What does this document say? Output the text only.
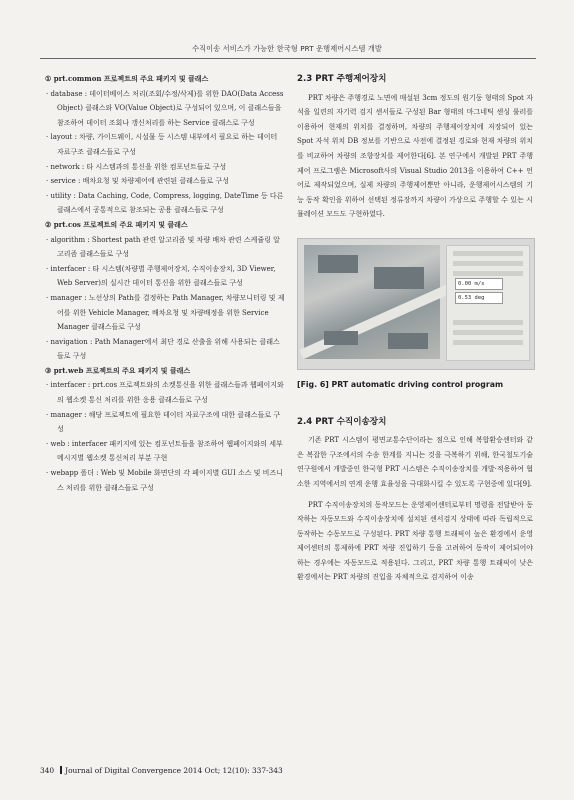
수직이송 서비스가 가능한 한국형 PRT 운행제어시스템 개발
① prt.common 프로젝트의 주요 패키지 및 클래스
· database : 데이터베이스 처리(조회/수정/삭제)를 위한 DAO(Data Access Object) 클래스와 VO(Value Object)로 구성되어 있으며, 이 클래스들을 참조하여 데이터 조회나 갱신처리를 하는 Service 클래스로 구성
· layout : 차량, 가이드웨이, 시설물 등 시스템 내부에서 필요로 하는 데이터 자료구조 클래스들로 구성
· network : 타 시스템과의 통신을 위한 컴포넌트들로 구성
· service : 배차요청 및 차량제어에 관련된 클래스들로 구성
· utility : Data Caching, Code, Compress, logging, DateTime 등 다른 클래스에서 공통적으로 참조되는 공용 클래스들로 구성
② prt.cos 프로젝트의 주요 패키지 및 클래스
· algorithm : Shortest path 관련 알고리즘 및 차량 배차 관련 스케쥴링 알고리즘 클래스들로 구성
· interfacer : 타 시스템(차량별 주행제어장치, 수직이송장치, 3D Viewer, Web Server)의 실시간 데이터 통신을 위한 클래스들로 구성
· manager : 노선상의 Path를 결정하는 Path Manager, 차량모니터링 및 제어를 위한 Vehicle Manager, 배차요청 및 차량배정을 위한 Service Manager 클래스들로 구성
· navigation : Path Manager에서 최단 경로 산출을 위해 사용되는 클래스들로 구성
③ prt.web 프로젝트의 주요 패키지 및 클래스
· interfacer : prt.cos 프로젝트와의 소켓통신을 위한 클래스들과 웹페이지와의 웹소켓 통신 처리를 위한 응용 클래스들로 구성
· manager : 해당 프로젝트에 필요한 데이터 자료구조에 대한 클래스들로 구성
· web : interfacer 패키지에 있는 컴포넌트들을 참조하여 웹페이지와의 세부 메시지별 웹소켓 통신처리 부분 구현
· webapp 폴더 : Web 및 Mobile 화면단의 각 페이지별 GUI 소스 및 비즈니스 처리를 위한 클래스들로 구성
2.3 PRT 주행제어장치

PRT 차량은 주행경로 노면에 매설된 3cm 정도의 원기둥 형태의 Spot 자석을 일련의 자기력 검지 센서들로 구성된 Bar 형태의 마그네틱 센싱 룰러를 이용하여 현재의 위치를 결정하며, 차량의 주행제어장치에 저장되어 있는 Spot 자석 위치 DB 정보를 기반으로 사전에 결정된 경로와 현재 차량의 위치를 비교하여 차량의 조향장치를 제어한다[6]. 본 연구에서 개발된 PRT 주행제어 프로그램은 Microsoft사의 Visual Studio 2013을 이용하여 C++ 언어로 제작되었으며, 실제 차량의 주행제어뿐만 아니라, 운행제어시스템의 기능 동작 확인을 위하여 선택된 정류장까지 차량이 가상으로 주행할 수 있는 시뮬레이션 모드도 구현하였다.

0.00 m/s
0.53 deg
[Fig. 6] PRT automatic driving control program
2.4 PRT 수직이송장치

기존 PRT 시스템이 평면교통수단이라는 점으로 인해 복합환승센터와 같은 복잡한 구조에서의 수송 한계를 지니는 것을 극복하기 위해, 한국철도기술연구원에서 개발중인 한국형 PRT 시스템은 수직이송장치를 개발·적용하여 협소한 지역에서의 연계 운행 효율성을 극대화시킬 수 있도록 구현중에 있다[9].

PRT 수직이송장치의 동작모드는 운영제어센터로부터 명령을 전달받아 동작하는 자동모드와 수직이송장치에 설치된 센서검지 상태에 따라 독립적으로 동작하는 수동모드로 구성된다. PRT 차량 통행 트래픽이 높은 환경에서 운영제어센터의 통제하에 PRT 차량 진입하기 등을 고려하여 동작이 제어되어야 하는 경우에는 자동모드로 적용된다. 그리고, PRT 차량 통행 트래픽이 낮은 환경에서는 PRT 차량의 진입을 자체적으로 검지하여 이송

340 Journal of Digital Convergence 2014 Oct; 12(10): 337-343
